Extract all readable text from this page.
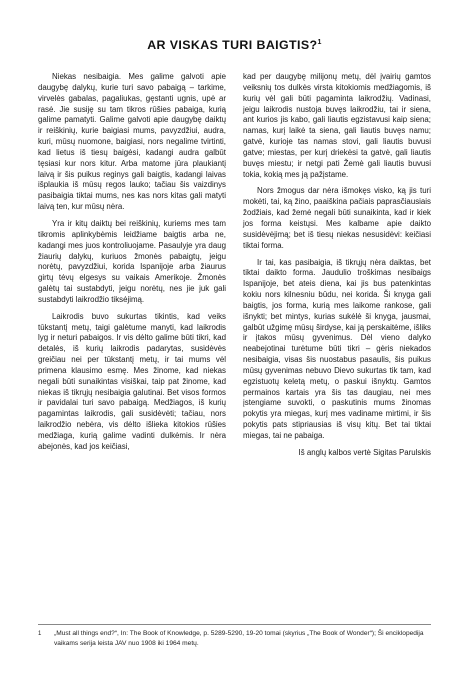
AR VISKAS TURI BAIGTIS?$^1$

Niekas nesibaigia. Mes galime galvoti apie daugybę dalykų, kurie turi savo pabaigą – tarkime, virvelės gabalas, pagaliukas, gęstanti ugnis, upė ar rasė. Jie susiję su tam tikros rūšies pabaiga, kurią galime pamatyti. Galime galvoti apie daugybę daiktų ir reiškinių, kurie baigiasi mums, pavyzdžiui, audra, kuri, mūsų nuomone, baigiasi, nors negalime tvirtinti, kad lietus iš tiesų baigėsi, kadangi audra galbūt tęsiasi kur nors kitur. Arba matome jūra plaukiantį laivą ir šis puikus reginys gali baigtis, kadangi laivas išplaukia iš mūsų regos lauko; tačiau šis vaizdinys pasibaigia tiktai mums, nes kas nors kitas gali matyti laivą ten, kur mūsų nėra.

Yra ir kitų daiktų bei reiškinių, kuriems mes tam tikromis aplinkybėmis leidžiame baigtis arba ne, kadangi mes juos kontroliuojame. Pasaulyje yra daug žiaurių dalykų, kuriuos žmonės pabaigtų, jeigu norėtų, pavyzdžiui, korida Ispanijoje arba žiaurus girtų tėvų elgesys su vaikais Amerikoje. Žmonės galėtų tai sustabdyti, jeigu norėtų, nes jie juk gali sustabdyti laikrodžio tiksėjimą.

Laikrodis buvo sukurtas tikintis, kad veiks tūkstantį metų, taigi galėtume manyti, kad laikrodis lyg ir neturi pabaigos. Ir vis dėlto galime būti tikri, kad detalės, iš kurių laikrodis padarytas, susidėvės greičiau nei per tūkstantį metų, ir tai mums vėl primena klausimo esmę. Mes žinome, kad niekas negali būti sunaikintas visiškai, taip pat žinome, kad niekas iš tikrųjų nesibaigia galutinai. Bet visos formos ir pavidalai turi savo pabaigą. Medžiagos, iš kurių pagamintas laikrodis, gali susidėvėti; tačiau, nors laikrodžio nebėra, vis dėlto išliekа kitokios rūšies medžiaga, kurią galime vadinti dulkėmis. Ir nėra abejonės, kad jos keičiasi,

kad per daugybę milijonų metų, dėl įvairių gamtos veiksnių tos dulkės virsta kitokiomis medžiagomis, iš kurių vėl gali būti pagaminta laikrodžių. Vadinasi, jeigu laikrodis nustoja buvęs laikrodžiu, tai ir siena, ant kurios jis kabo, gali liautis egzistavusi kaip siena; namas, kurį laikė ta siena, gali liautis buvęs namu; gatvė, kurioje tas namas stovi, gali liautis buvusi gatve; miestas, per kurį driekėsi ta gatvė, gali liautis buvęs miestu; ir netgi pati Žemė gali liautis buvusi tokia, kokią mes ją pažįstame.

Nors žmogus dar nėra išmokęs visko, ką jis turi mokėti, tai, ką žino, paaiškina pačiais paprasčiausiais žodžiais, kad žemė negali būti sunaikinta, kad ir kiek jos forma keistųsi. Mes kalbame apie daikto susidėvėjimą; bet iš tiesų niekas nesusidėvi: keičiasi tiktai forma.

Ir tai, kas pasibaigia, iš tikrųjų nėra daiktas, bet tiktai daikto forma. Jaudulio troškimas nesibaigs Ispanijoje, bet ateis diena, kai jis bus patenkintas kokiu nors kilnesniu būdu, nei korida. Ši knyga gali baigtis, jos forma, kurią mes laikome rankose, gali išnykti; bet mintys, kurias sukėlė ši knyga, jausmai, galbūt užgimę mūsų širdyse, kai ją perskaitėme, išliks ir įtakos mūsų gyvenimus. Dėl vieno dalyko neabejotinai turėtume būti tikri – gėris niekados nesibaigia, visas šis nuostabus pasaulis, šis puikus mūsų gyvenimas nebuvo Dievo sukurtas tik tam, kad egzistuotų keletą metų, o paskui išnyktų. Gamtos permainos kartais yra šis tas daugiau, nei mes įstengiame suvokti, o paskutinis mums žinomas pokytis yra miegas, kurį mes vadiname mirtimi, ir šis pokytis pats stipriausias iš visų kitų. Bet tai tiktai miegas, tai ne pabaiga.

Iš anglų kalbos vertė Sigitas Parulskis

1	„Must all things end?“, In: The Book of Knowledge, p. 5289-5290, 19-20 tomai (skyrius „The Book of Wonder“); Ši enciklopedija vaikams serija leista JAV nuo 1908 iki 1964 metų.
